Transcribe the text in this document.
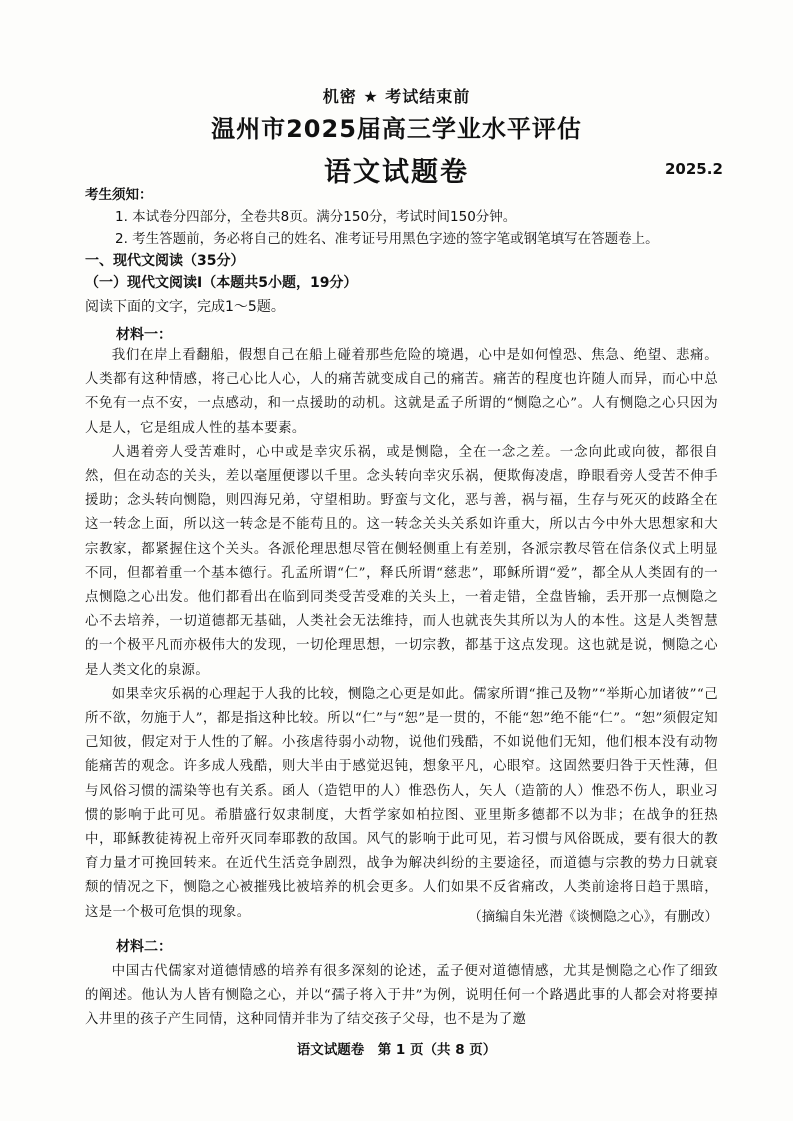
机密 ★ 考试结束前
温州市2025届高三学业水平评估
语文试题卷	2025.2
考生须知：
1. 本试卷分四部分，全卷共8页。满分150分，考试时间150分钟。
2. 考生答题前，务必将自己的姓名、准考证号用黑色字迹的签字笔或钢笔填写在答题卷上。
一、现代文阅读（35分）
（一）现代文阅读Ⅰ（本题共5小题，19分）
阅读下面的文字，完成1～5题。
材料一：

我们在岸上看翻船，假想自己在船上碰着那些危险的境遇，心中是如何惶恐、焦急、绝望、悲痛。人类都有这种情感，将己心比人心，人的痛苦就变成自己的痛苦。痛苦的程度也许随人而异，而心中总不免有一点不安，一点感动，和一点援助的动机。这就是孟子所谓的“恻隐之心”。人有恻隐之心只因为人是人，它是组成人性的基本要素。

人遇着旁人受苦难时，心中或是幸灾乐祸，或是恻隐，全在一念之差。一念向此或向彼，都很自然，但在动态的关头，差以毫厘便谬以千里。念头转向幸灾乐祸，便欺侮凌虐，睁眼看旁人受苦不伸手援助；念头转向恻隐，则四海兄弟，守望相助。野蛮与文化，恶与善，祸与福，生存与死灭的歧路全在这一转念上面，所以这一转念是不能苟且的。这一转念关头关系如许重大，所以古今中外大思想家和大宗教家，都紧握住这个关头。各派伦理思想尽管在侧轻侧重上有差别，各派宗教尽管在信条仪式上明显不同，但都着重一个基本德行。孔孟所谓“仁”，释氏所谓“慈悲”，耶稣所谓“爱”，都全从人类固有的一点恻隐之心出发。他们都看出在临到同类受苦受难的关头上，一着走错，全盘皆输，丢开那一点恻隐之心不去培养，一切道德都无基础，人类社会无法维持，而人也就丧失其所以为人的本性。这是人类智慧的一个极平凡而亦极伟大的发现，一切伦理思想，一切宗教，都基于这点发现。这也就是说，恻隐之心是人类文化的泉源。

如果幸灾乐祸的心理起于人我的比较，恻隐之心更是如此。儒家所谓“推己及物”“举斯心加诸彼”“己所不欲，勿施于人”，都是指这种比较。所以“仁”与“恕”是一贯的，不能“恕”绝不能“仁”。“恕”须假定知己知彼，假定对于人性的了解。小孩虐待弱小动物，说他们残酷，不如说他们无知，他们根本没有动物能痛苦的观念。许多成人残酷，则大半由于感觉迟钝，想象平凡，心眼窄。这固然要归咎于天性薄，但与风俗习惯的濡染等也有关系。函人（造铠甲的人）惟恐伤人，矢人（造箭的人）惟恐不伤人，职业习惯的影响于此可见。希腊盛行奴隶制度，大哲学家如柏拉图、亚里斯多德都不以为非；在战争的狂热中，耶稣教徒祷祝上帝歼灭同奉耶教的敌国。风气的影响于此可见，若习惯与风俗既成，要有很大的教育力量才可挽回转来。在近代生活竞争剧烈，战争为解决纠纷的主要途径，而道德与宗教的势力日就衰颓的情况之下，恻隐之心被摧残比被培养的机会更多。人们如果不反省痛改，人类前途将日趋于黑暗，这是一个极可危惧的现象。	（摘编自朱光潜《谈恻隐之心》，有删改）
材料二：

中国古代儒家对道德情感的培养有很多深刻的论述，孟子便对道德情感，尤其是恻隐之心作了细致的阐述。他认为人皆有恻隐之心，并以“孺子将入于井”为例，说明任何一个路遇此事的人都会对将要掉入井里的孩子产生同情，这种同情并非为了结交孩子父母，也不是为了邀

语文试题卷　第 1 页（共 8 页）
